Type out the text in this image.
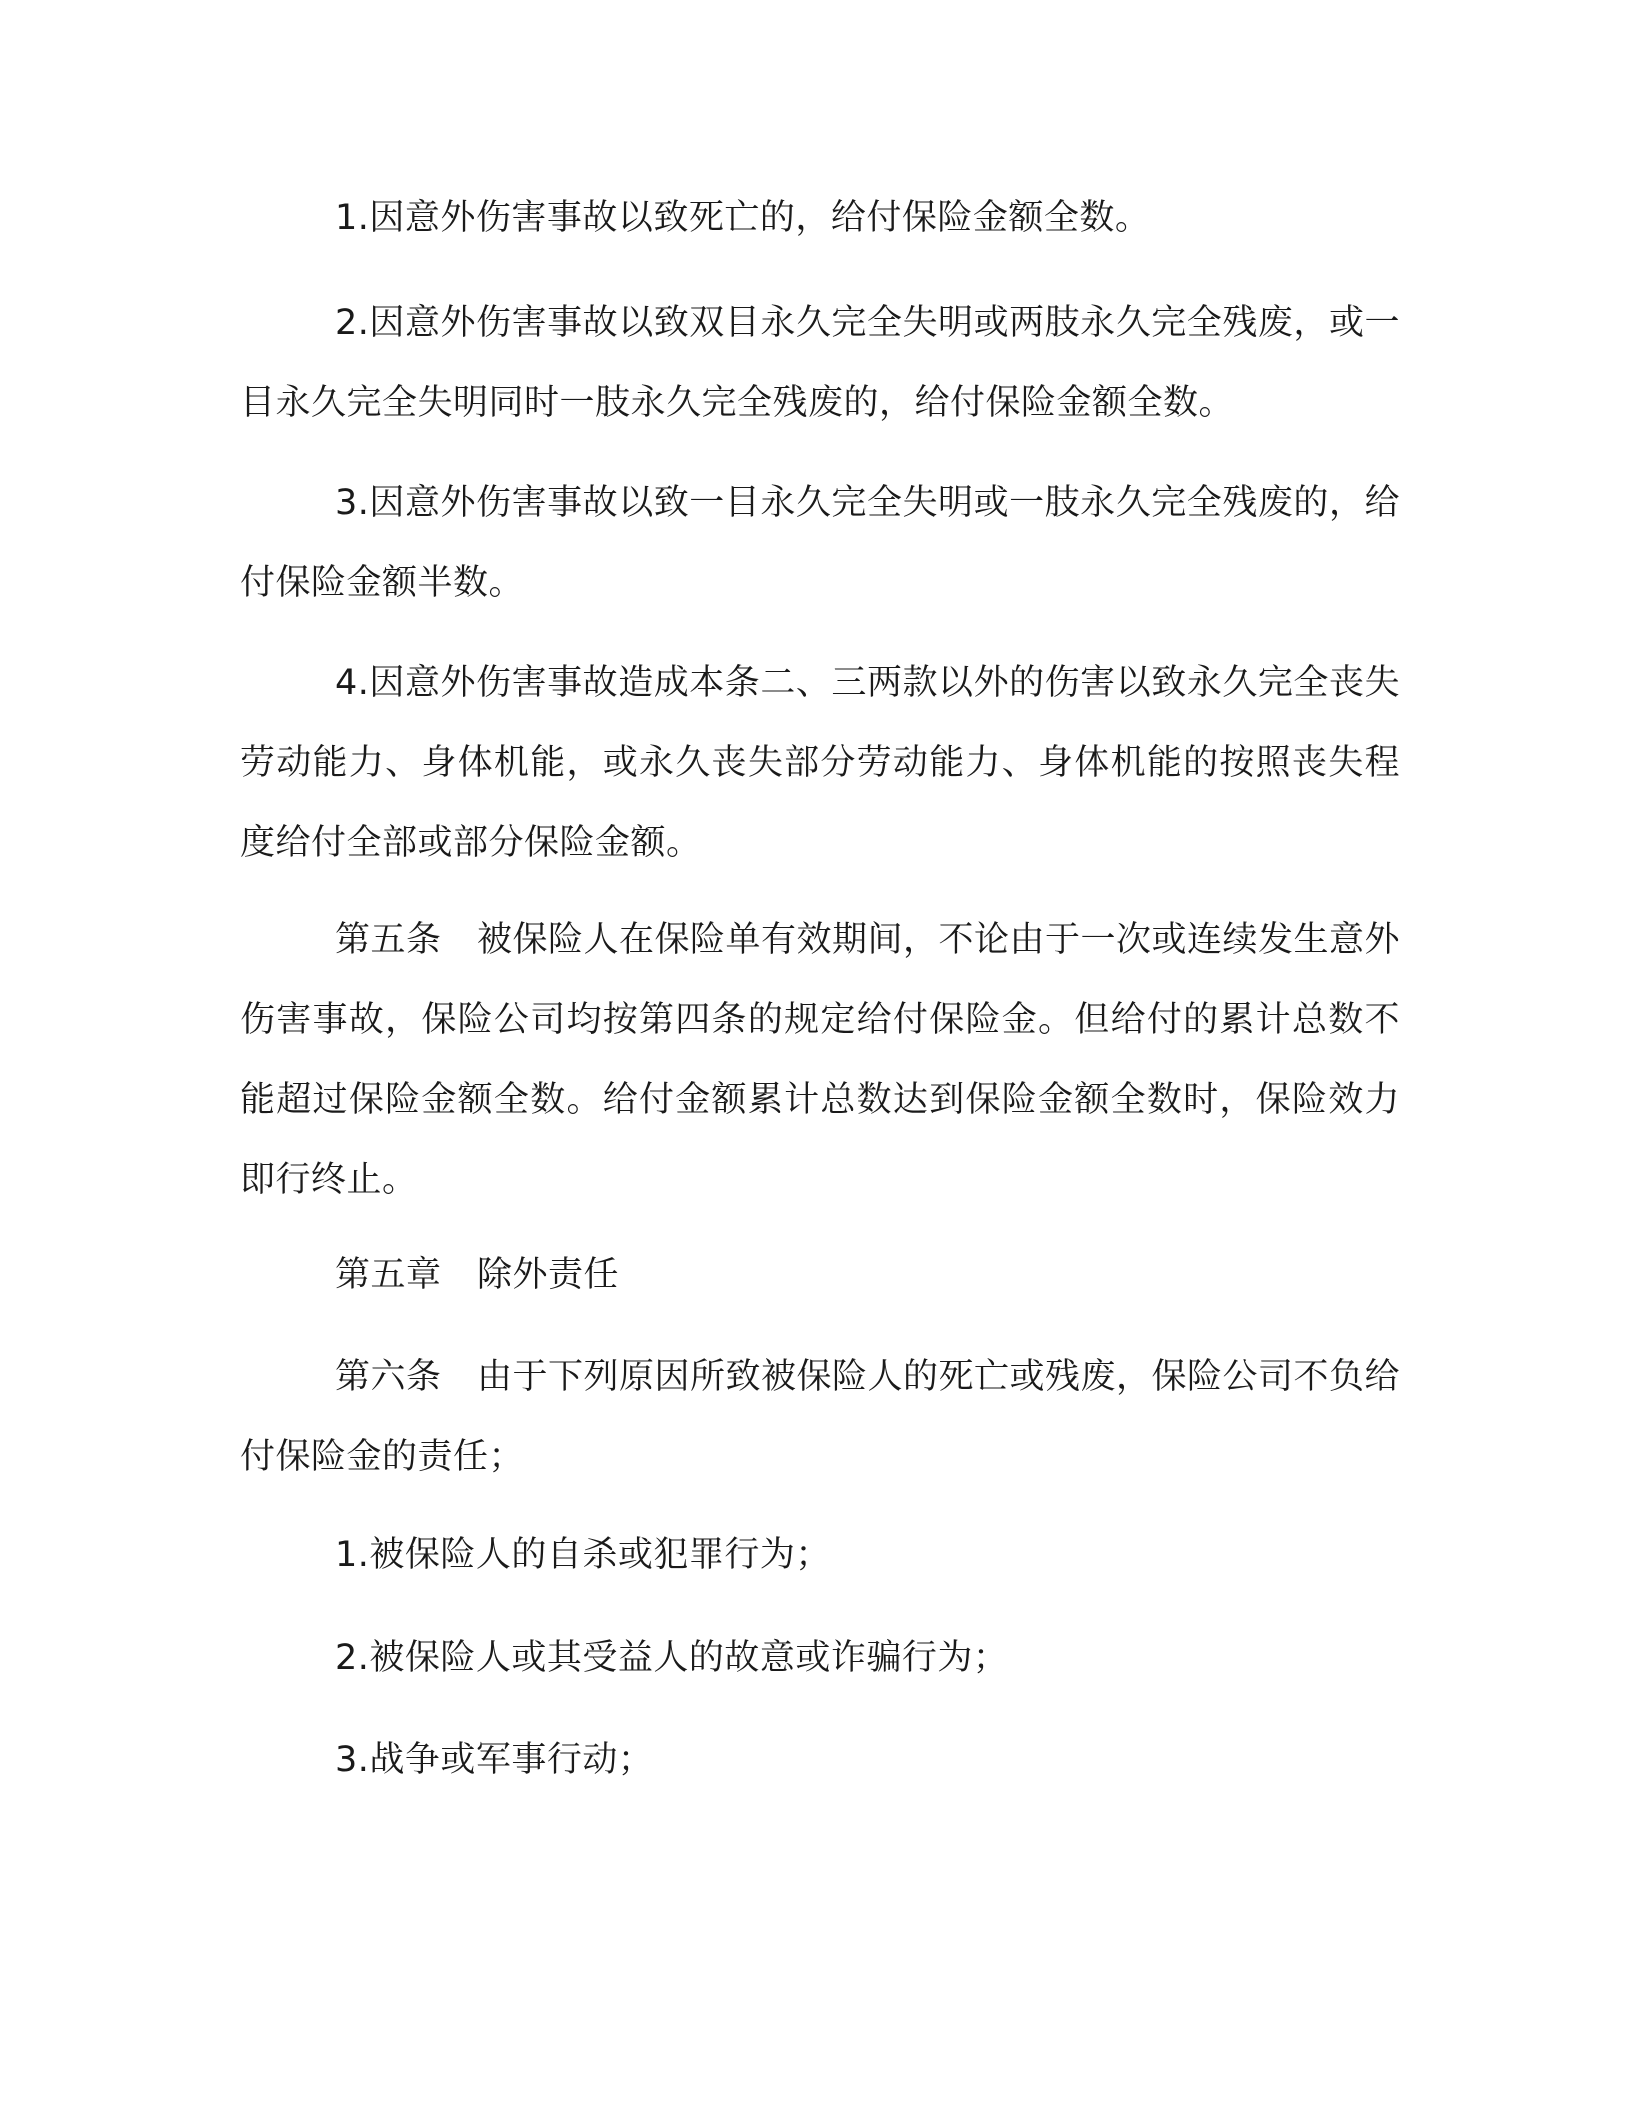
1.因意外伤害事故以致死亡的，给付保险金额全数。

2.因意外伤害事故以致双目永久完全失明或两肢永久完全残废，或一目永久完全失明同时一肢永久完全残废的，给付保险金额全数。

3.因意外伤害事故以致一目永久完全失明或一肢永久完全残废的，给付保险金额半数。

4.因意外伤害事故造成本条二、三两款以外的伤害以致永久完全丧失劳动能力、身体机能，或永久丧失部分劳动能力、身体机能的按照丧失程度给付全部或部分保险金额。

第五条　被保险人在保险单有效期间，不论由于一次或连续发生意外伤害事故，保险公司均按第四条的规定给付保险金。但给付的累计总数不能超过保险金额全数。给付金额累计总数达到保险金额全数时，保险效力即行终止。

第五章　除外责任

第六条　由于下列原因所致被保险人的死亡或残废，保险公司不负给付保险金的责任；

1.被保险人的自杀或犯罪行为；

2.被保险人或其受益人的故意或诈骗行为；

3.战争或军事行动；
